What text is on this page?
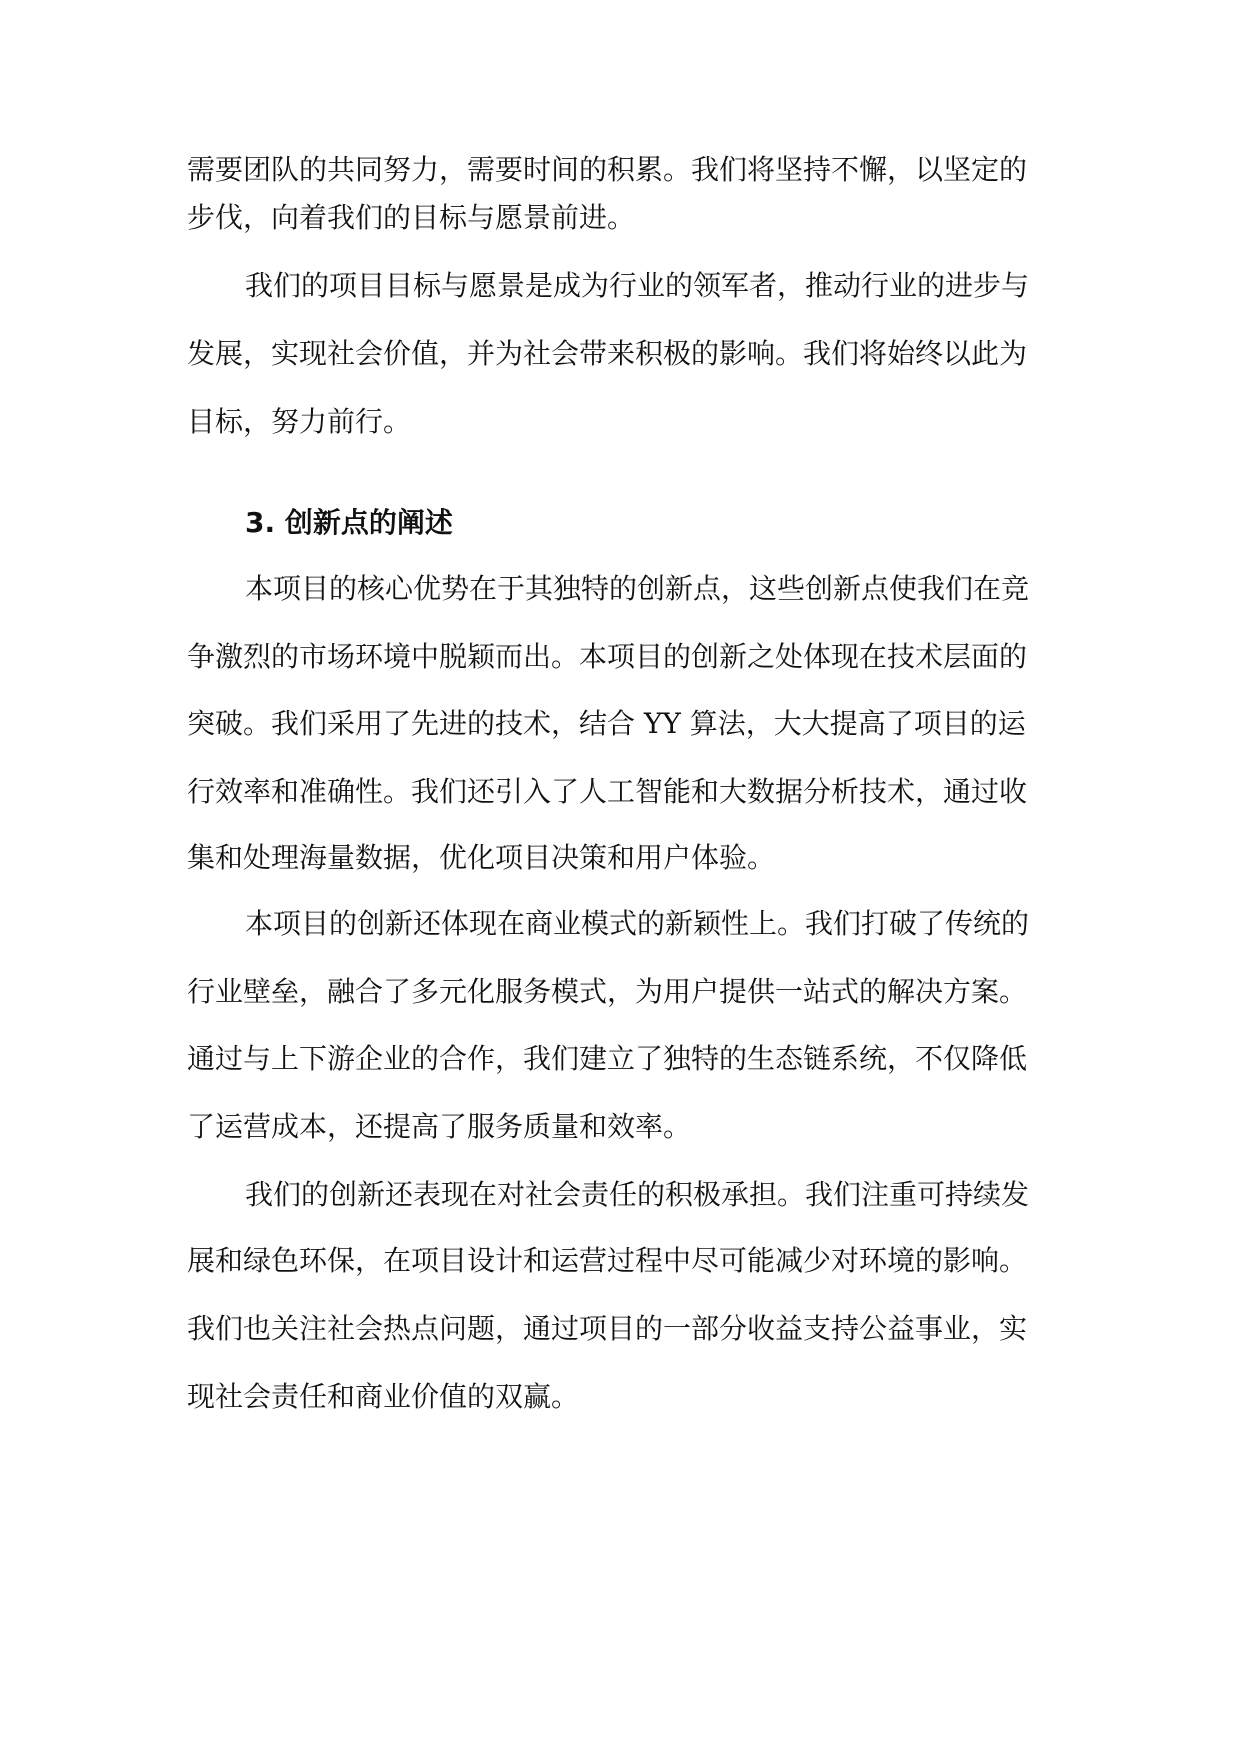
需要团队的共同努力，需要时间的积累。我们将坚持不懈，以坚定的
步伐，向着我们的目标与愿景前进。
我们的项目目标与愿景是成为行业的领军者，推动行业的进步与
发展，实现社会价值，并为社会带来积极的影响。我们将始终以此为
目标，努力前行。
3. 创新点的阐述
本项目的核心优势在于其独特的创新点，这些创新点使我们在竞
争激烈的市场环境中脱颖而出。本项目的创新之处体现在技术层面的
突破。我们采用了先进的技术，结合 YY 算法，大大提高了项目的运
行效率和准确性。我们还引入了人工智能和大数据分析技术，通过收
集和处理海量数据，优化项目决策和用户体验。
本项目的创新还体现在商业模式的新颖性上。我们打破了传统的
行业壁垒，融合了多元化服务模式，为用户提供一站式的解决方案。
通过与上下游企业的合作，我们建立了独特的生态链系统，不仅降低
了运营成本，还提高了服务质量和效率。
我们的创新还表现在对社会责任的积极承担。我们注重可持续发
展和绿色环保，在项目设计和运营过程中尽可能减少对环境的影响。
我们也关注社会热点问题，通过项目的一部分收益支持公益事业，实
现社会责任和商业价值的双赢。
